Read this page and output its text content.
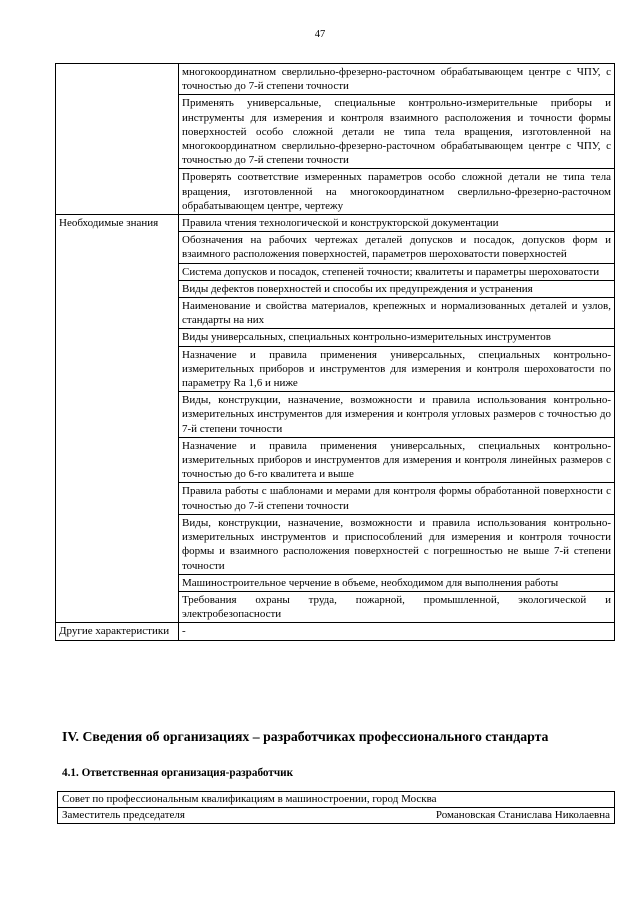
47
	многокоординатном сверлильно-фрезерно-расточном обрабатывающем центре с ЧПУ, с точностью до 7-й степени точности
	Применять универсальные, специальные контрольно-измерительные приборы и инструменты для измерения и контроля взаимного расположения и точности формы поверхностей особо сложной детали не типа тела вращения, изготовленной на многокоординатном сверлильно-фрезерно-расточном обрабатывающем центре с ЧПУ, с точностью до 7-й степени точности
	Проверять соответствие измеренных параметров особо сложной детали не типа тела вращения, изготовленной на многокоординатном сверлильно-фрезерно-расточном обрабатывающем центре, чертежу
Необходимые знания	Правила чтения технологической и конструкторской документации
	Обозначения на рабочих чертежах деталей допусков и посадок, допусков форм и взаимного расположения поверхностей, параметров шероховатости поверхностей
	Система допусков и посадок, степеней точности; квалитеты и параметры шероховатости
	Виды дефектов поверхностей и способы их предупреждения и устранения
	Наименование и свойства материалов, крепежных и нормализованных деталей и узлов, стандарты на них
	Виды универсальных, специальных контрольно-измерительных инструментов
	Назначение и правила применения универсальных, специальных контрольно-измерительных приборов и инструментов для измерения и контроля шероховатости по параметру Ra 1,6 и ниже
	Виды, конструкции, назначение, возможности и правила использования контрольно-измерительных инструментов для измерения и контроля угловых размеров с точностью до 7-й степени точности
	Назначение и правила применения универсальных, специальных контрольно-измерительных приборов и инструментов для измерения и контроля линейных размеров с точностью до 6-го квалитета и выше
	Правила работы с шаблонами и мерами для контроля формы обработанной поверхности с точностью до 7-й степени точности
	Виды, конструкции, назначение, возможности и правила использования контрольно-измерительных инструментов и приспособлений для измерения и контроля точности формы и взаимного расположения поверхностей с погрешностью не выше 7-й степени точности
	Машиностроительное черчение в объеме, необходимом для выполнения работы
	Требования охраны труда, пожарной, промышленной, экологической и электробезопасности
Другие характеристики	-
IV. Сведения об организациях – разработчиках профессионального стандарта
4.1. Ответственная организация-разработчик
Совет по профессиональным квалификациям в машиностроении, город Москва

Заместитель председателя	Романовская Станислава Николаевна
